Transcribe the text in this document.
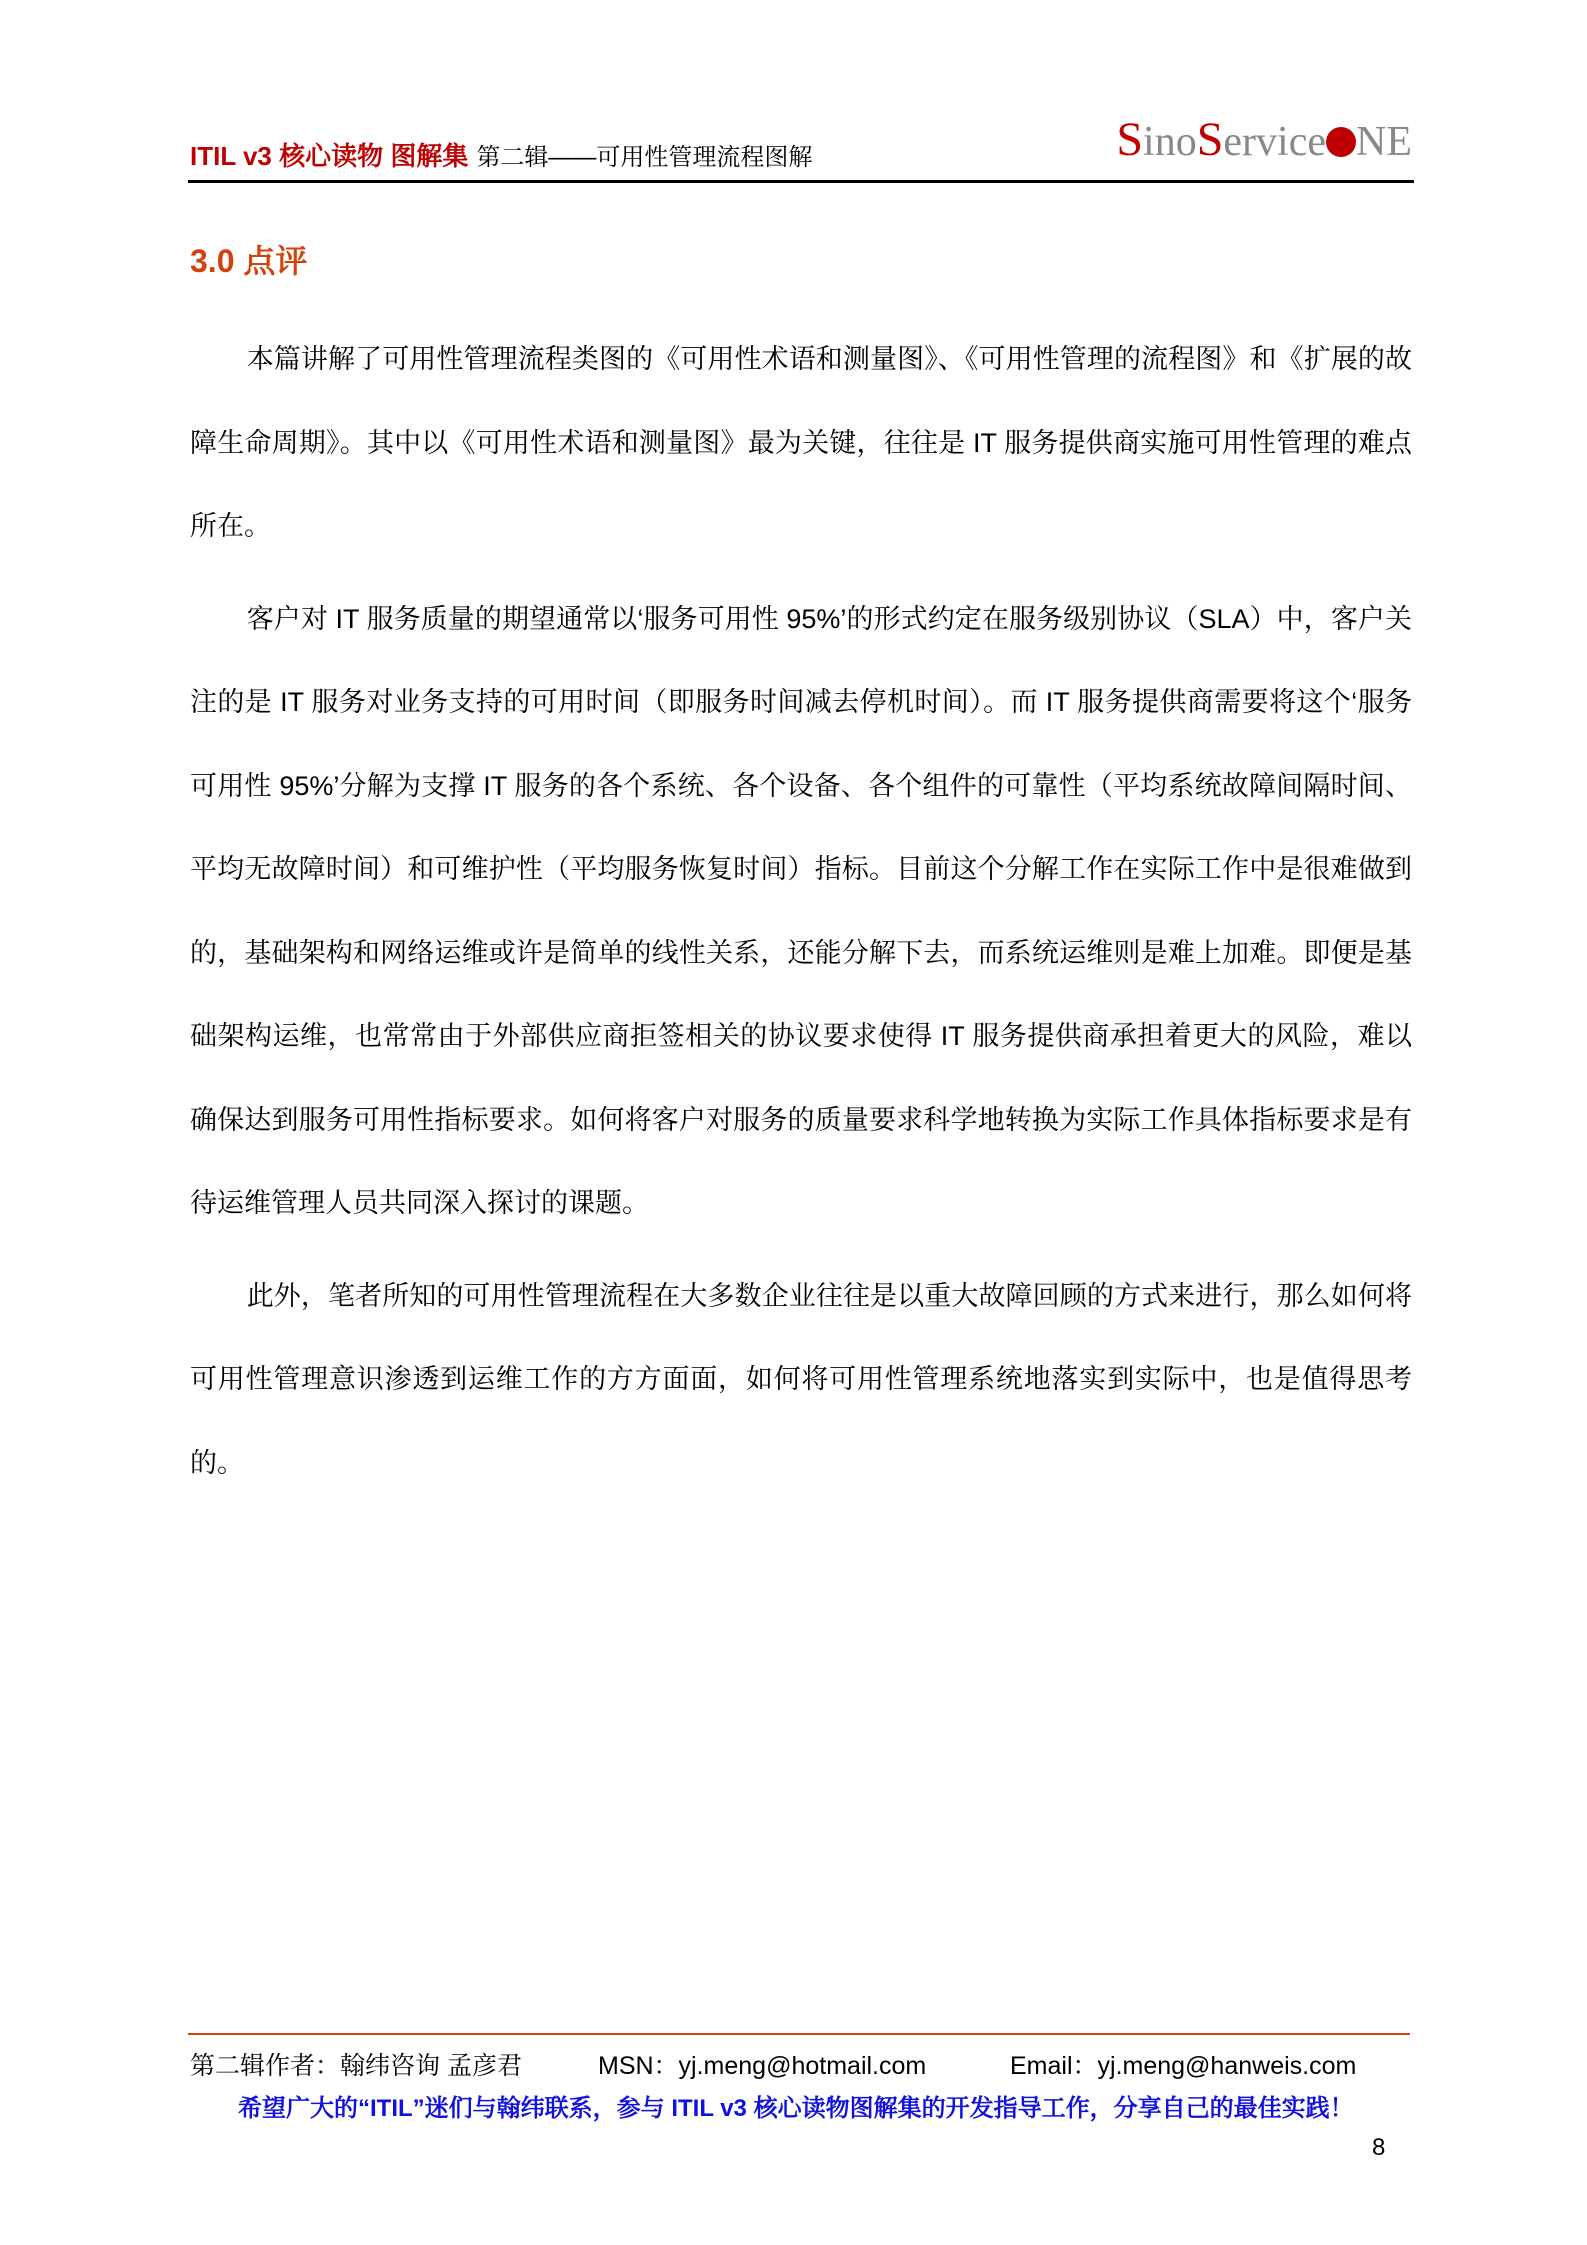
ITIL v3 核心读物 图解集 第二辑——可用性管理流程图解	SinoService NE
3.0 点评

本篇讲解了可用性管理流程类图的《可用性术语和测量图》、《可用性管理的流程图》和《扩展的故障生命周期》。其中以《可用性术语和测量图》最为关键，往往是 IT 服务提供商实施可用性管理的难点所在。

客户对 IT 服务质量的期望通常以‘服务可用性 95%’的形式约定在服务级别协议（SLA）中，客户关注的是 IT 服务对业务支持的可用时间（即服务时间减去停机时间）。而 IT 服务提供商需要将这个‘服务可用性 95%’分解为支撑 IT 服务的各个系统、各个设备、各个组件的可靠性（平均系统故障间隔时间、平均无故障时间）和可维护性（平均服务恢复时间）指标。目前这个分解工作在实际工作中是很难做到的，基础架构和网络运维或许是简单的线性关系，还能分解下去，而系统运维则是难上加难。即便是基础架构运维，也常常由于外部供应商拒签相关的协议要求使得 IT 服务提供商承担着更大的风险，难以确保达到服务可用性指标要求。如何将客户对服务的质量要求科学地转换为实际工作具体指标要求是有待运维管理人员共同深入探讨的课题。

此外，笔者所知的可用性管理流程在大多数企业往往是以重大故障回顾的方式来进行，那么如何将可用性管理意识渗透到运维工作的方方面面，如何将可用性管理系统地落实到实际中，也是值得思考的。

第二辑作者：翰纬咨询 孟彦君	MSN：yj.meng@hotmail.com	Email：yj.meng@hanweis.com
希望广大的“ITIL”迷们与翰纬联系，参与 ITIL v3 核心读物图解集的开发指导工作，分享自己的最佳实践！
8
